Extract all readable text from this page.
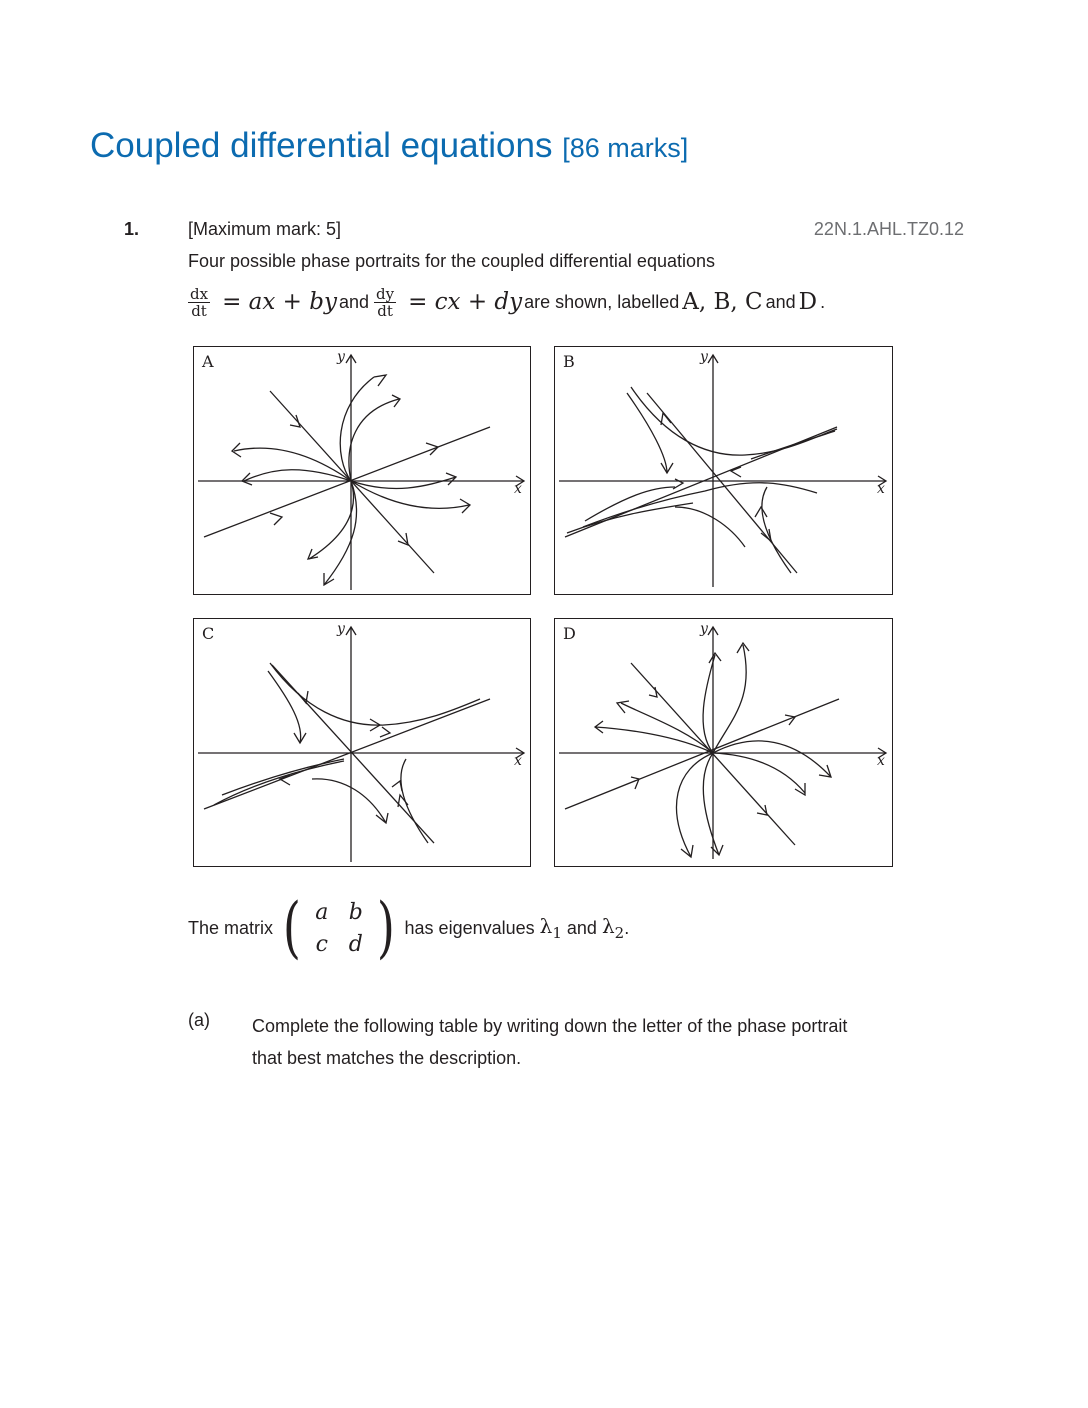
Coupled differential equations [86 marks]
1.	[Maximum mark: 5]	22N.1.AHL.TZ0.12
Four possible phase portraits for the coupled differential equations
$\frac{dx}{dt}$ = ax + by and
$\frac{dy}{dt}$ = cx + dy are shown, labelled A, B, C and D .
A
x
y	B
x
y
C
x
y	D
x
y
The matrix ( a b
c d ) has eigenvalues
$\lambda_1$
and
$\lambda_2$ .
(a) Complete the following table by writing down the letter of the phase portrait that best matches the description.
